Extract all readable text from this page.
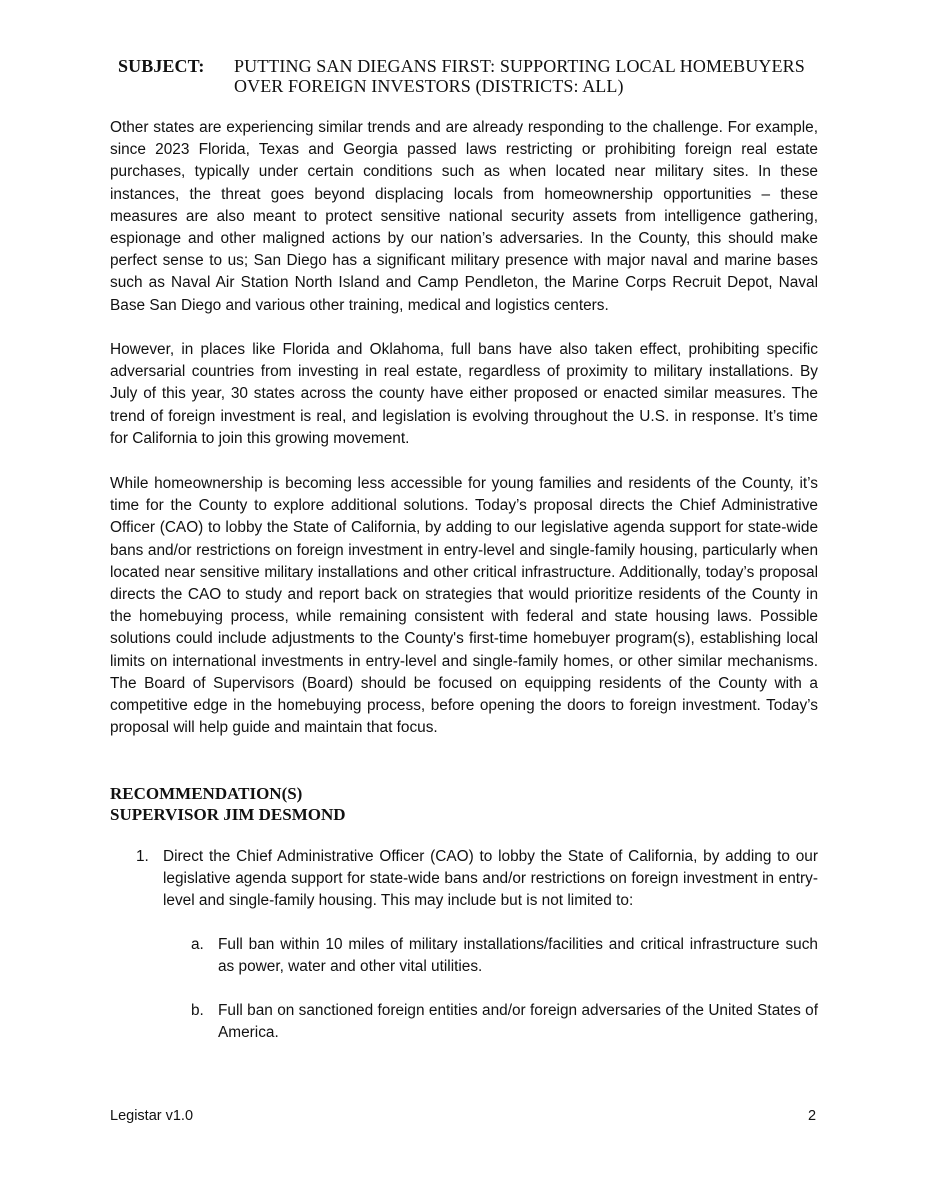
SUBJECT: PUTTING SAN DIEGANS FIRST: SUPPORTING LOCAL HOMEBUYERS
OVER FOREIGN INVESTORS (DISTRICTS: ALL)

Other states are experiencing similar trends and are already responding to the challenge. For example, since 2023 Florida, Texas and Georgia passed laws restricting or prohibiting foreign real estate purchases, typically under certain conditions such as when located near military sites. In these instances, the threat goes beyond displacing locals from homeownership opportunities – these measures are also meant to protect sensitive national security assets from intelligence gathering, espionage and other maligned actions by our nation’s adversaries. In the County, this should make perfect sense to us; San Diego has a significant military presence with major naval and marine bases such as Naval Air Station North Island and Camp Pendleton, the Marine Corps Recruit Depot, Naval Base San Diego and various other training, medical and logistics centers.

However, in places like Florida and Oklahoma, full bans have also taken effect, prohibiting specific adversarial countries from investing in real estate, regardless of proximity to military installations. By July of this year, 30 states across the county have either proposed or enacted similar measures. The trend of foreign investment is real, and legislation is evolving throughout the U.S. in response. It’s time for California to join this growing movement.

While homeownership is becoming less accessible for young families and residents of the County, it’s time for the County to explore additional solutions. Today’s proposal directs the Chief Administrative Officer (CAO) to lobby the State of California, by adding to our legislative agenda support for state-wide bans and/or restrictions on foreign investment in entry-level and single-family housing, particularly when located near sensitive military installations and other critical infrastructure. Additionally, today’s proposal directs the CAO to study and report back on strategies that would prioritize residents of the County in the homebuying process, while remaining consistent with federal and state housing laws. Possible solutions could include adjustments to the County's first-time homebuyer program(s), establishing local limits on international investments in entry-level and single-family homes, or other similar mechanisms. The Board of Supervisors (Board) should be focused on equipping residents of the County with a competitive edge in the homebuying process, before opening the doors to foreign investment. Today’s proposal will help guide and maintain that focus.

RECOMMENDATION(S)
SUPERVISOR JIM DESMOND
1. Direct the Chief Administrative Officer (CAO) to lobby the State of California, by adding to our legislative agenda support for state-wide bans and/or restrictions on foreign investment in entry-level and single-family housing. This may include but is not limited to:

a. Full ban within 10 miles of military installations/facilities and critical infrastructure such as power, water and other vital utilities.

b. Full ban on sanctioned foreign entities and/or foreign adversaries of the United States of America.

Legistar v1.0	2
